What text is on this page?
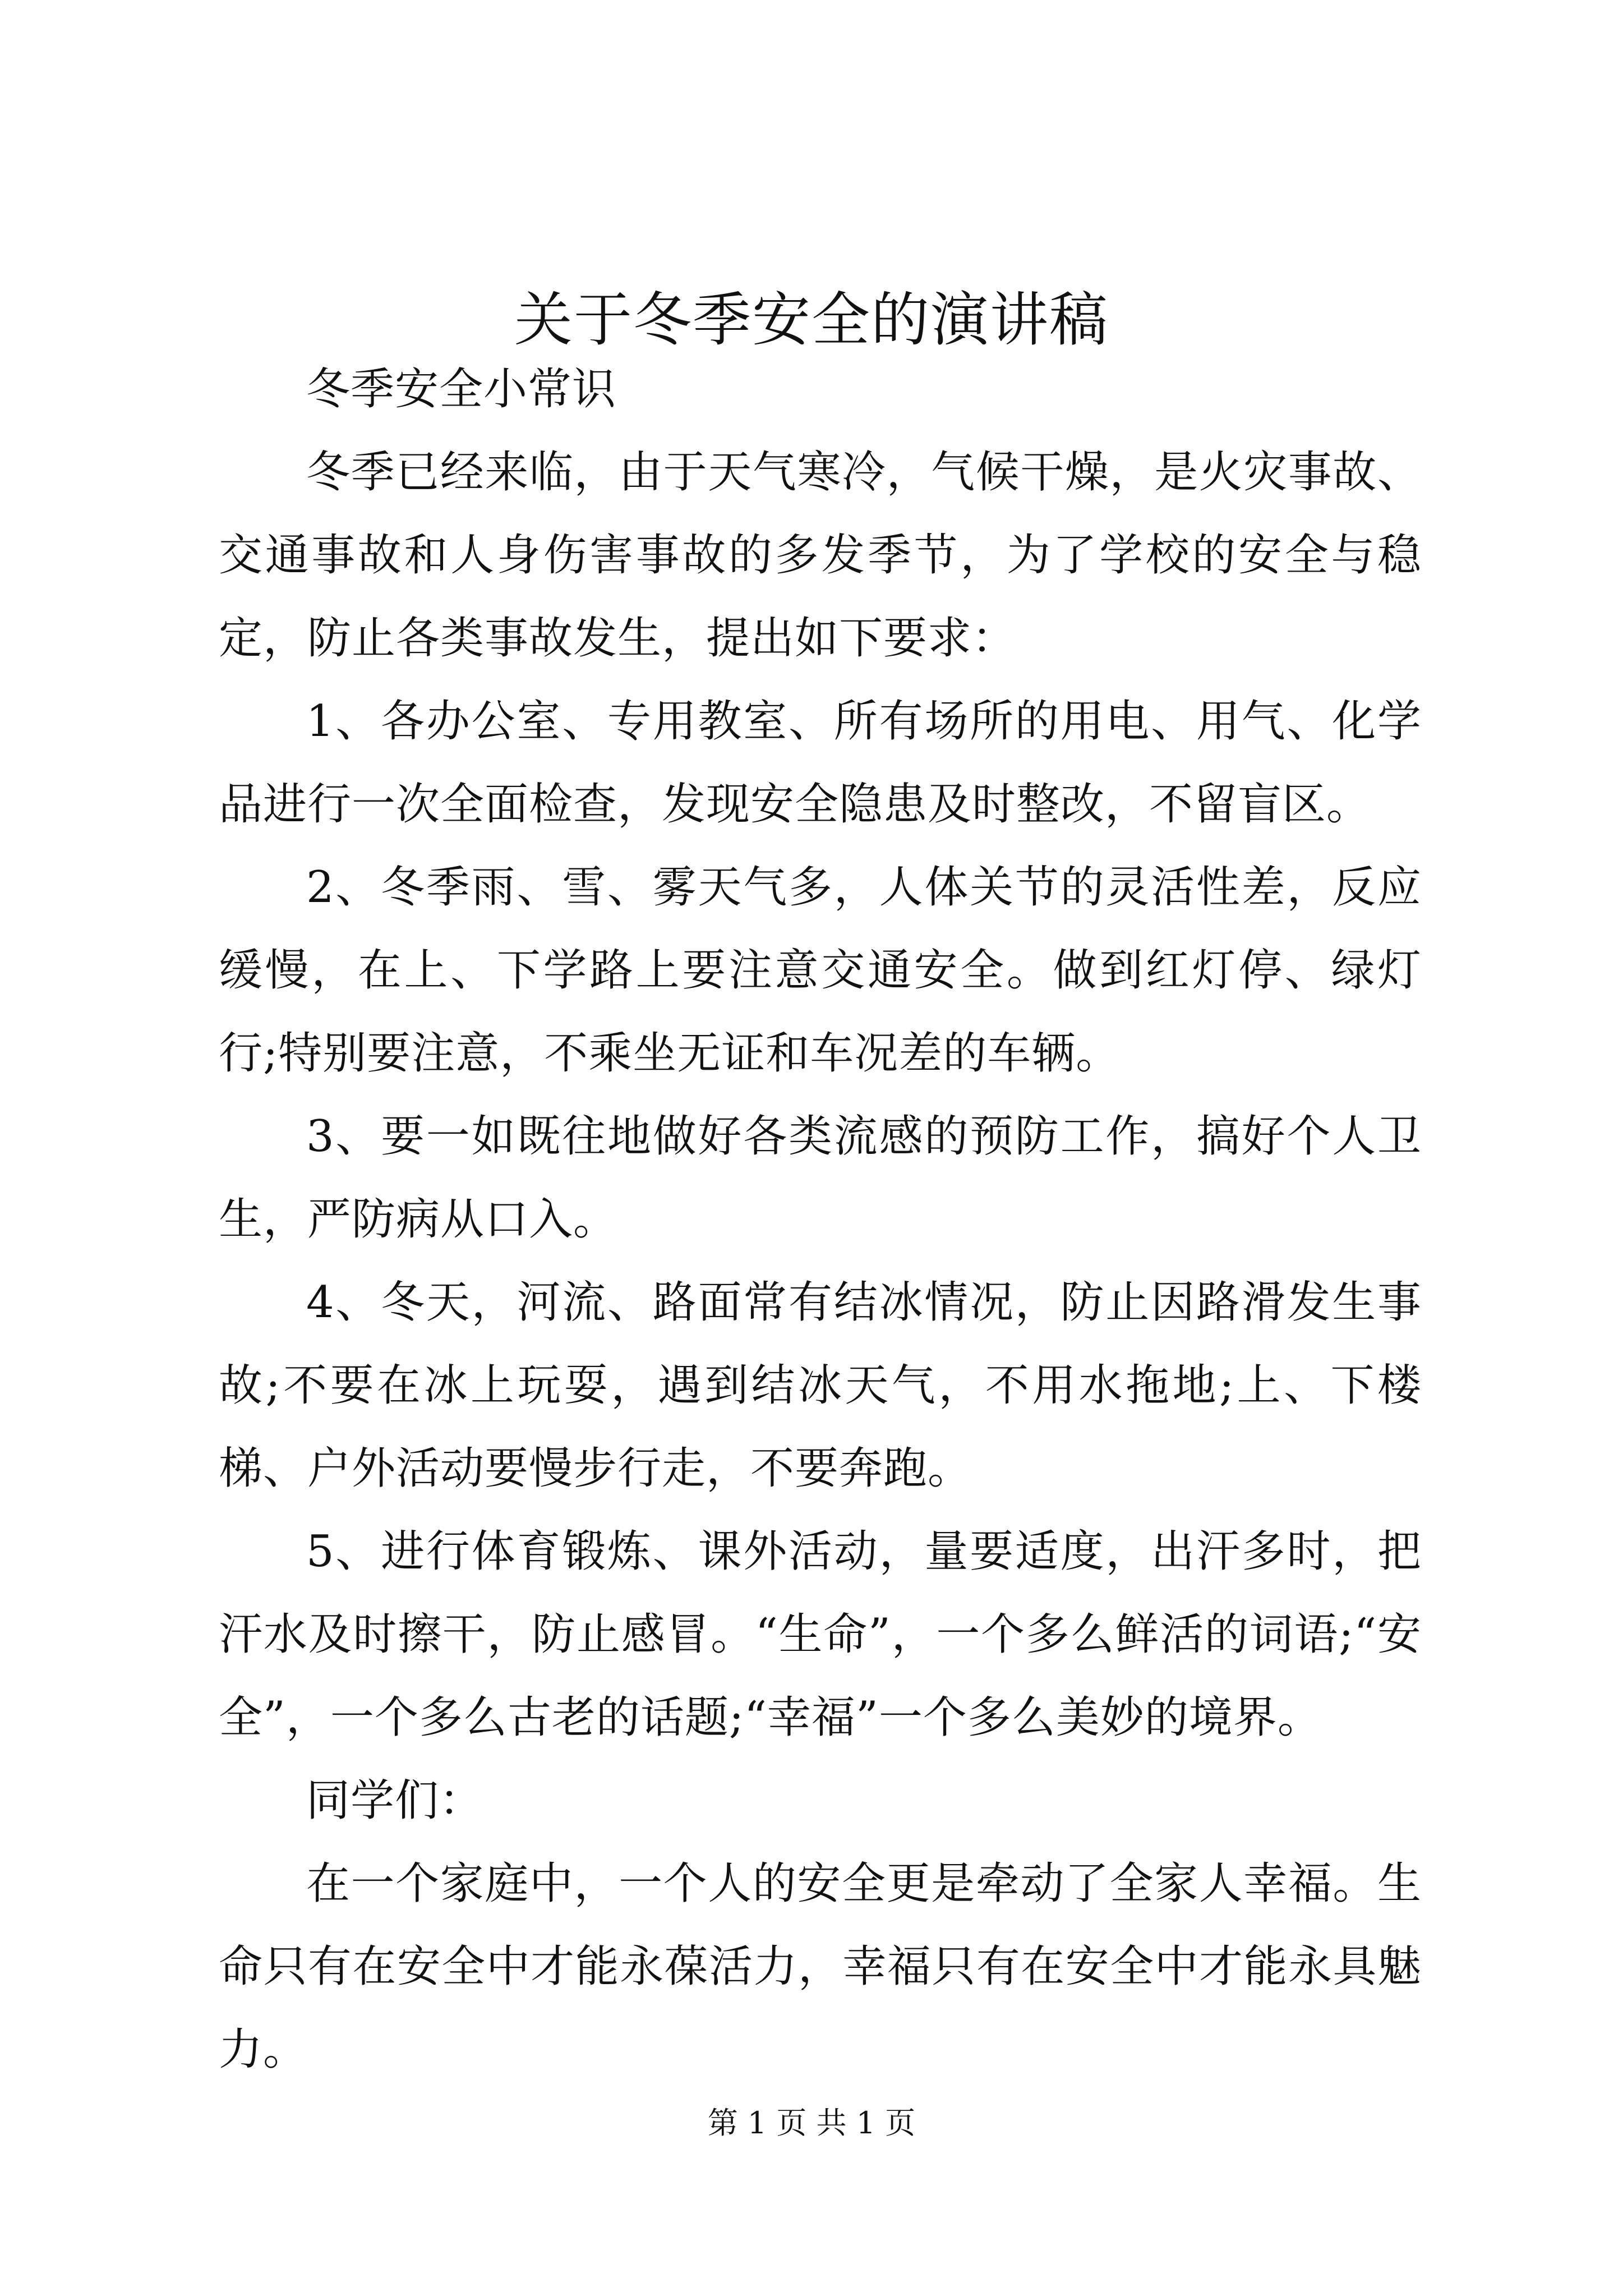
关于冬季安全的演讲稿

冬季安全小常识

冬季已经来临，由于天气寒冷，气候干燥，是火灾事故、交通事故和人身伤害事故的多发季节，为了学校的安全与稳定，防止各类事故发生，提出如下要求：

1、各办公室、专用教室、所有场所的用电、用气、化学品进行一次全面检查，发现安全隐患及时整改，不留盲区。

2、冬季雨、雪、雾天气多，人体关节的灵活性差，反应缓慢，在上、下学路上要注意交通安全。做到红灯停、绿灯行;特别要注意，不乘坐无证和车况差的车辆。

3、要一如既往地做好各类流感的预防工作，搞好个人卫生，严防病从口入。

4、冬天，河流、路面常有结冰情况，防止因路滑发生事故;不要在冰上玩耍，遇到结冰天气，不用水拖地;上、下楼梯、户外活动要慢步行走，不要奔跑。

5、进行体育锻炼、课外活动，量要适度，出汗多时，把汗水及时擦干，防止感冒。“生命”，一个多么鲜活的词语;“安全”，一个多么古老的话题;“幸福”一个多么美妙的境界。

同学们：

在一个家庭中，一个人的安全更是牵动了全家人幸福。生命只有在安全中才能永葆活力，幸福只有在安全中才能永具魅力。

第 1 页 共 1 页
